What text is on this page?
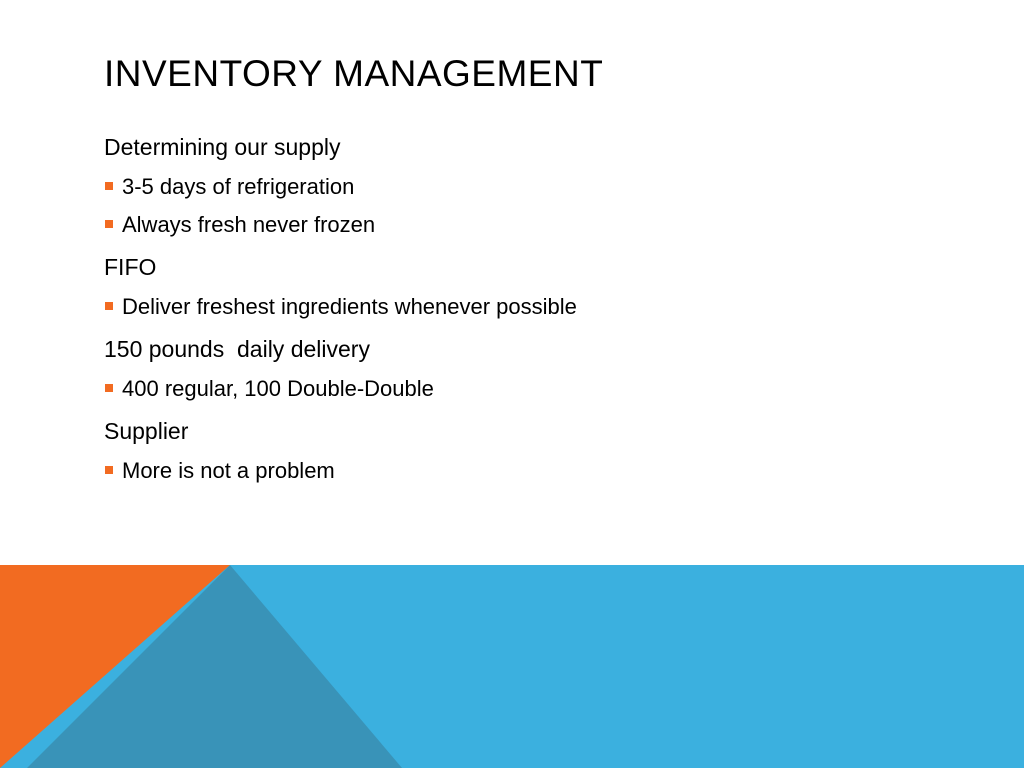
INVENTORY MANAGEMENT
Determining our supply
3-5 days of refrigeration
Always fresh never frozen
FIFO
Deliver freshest ingredients whenever possible
150 pounds  daily delivery
400 regular, 100 Double-Double
Supplier
More is not a problem
